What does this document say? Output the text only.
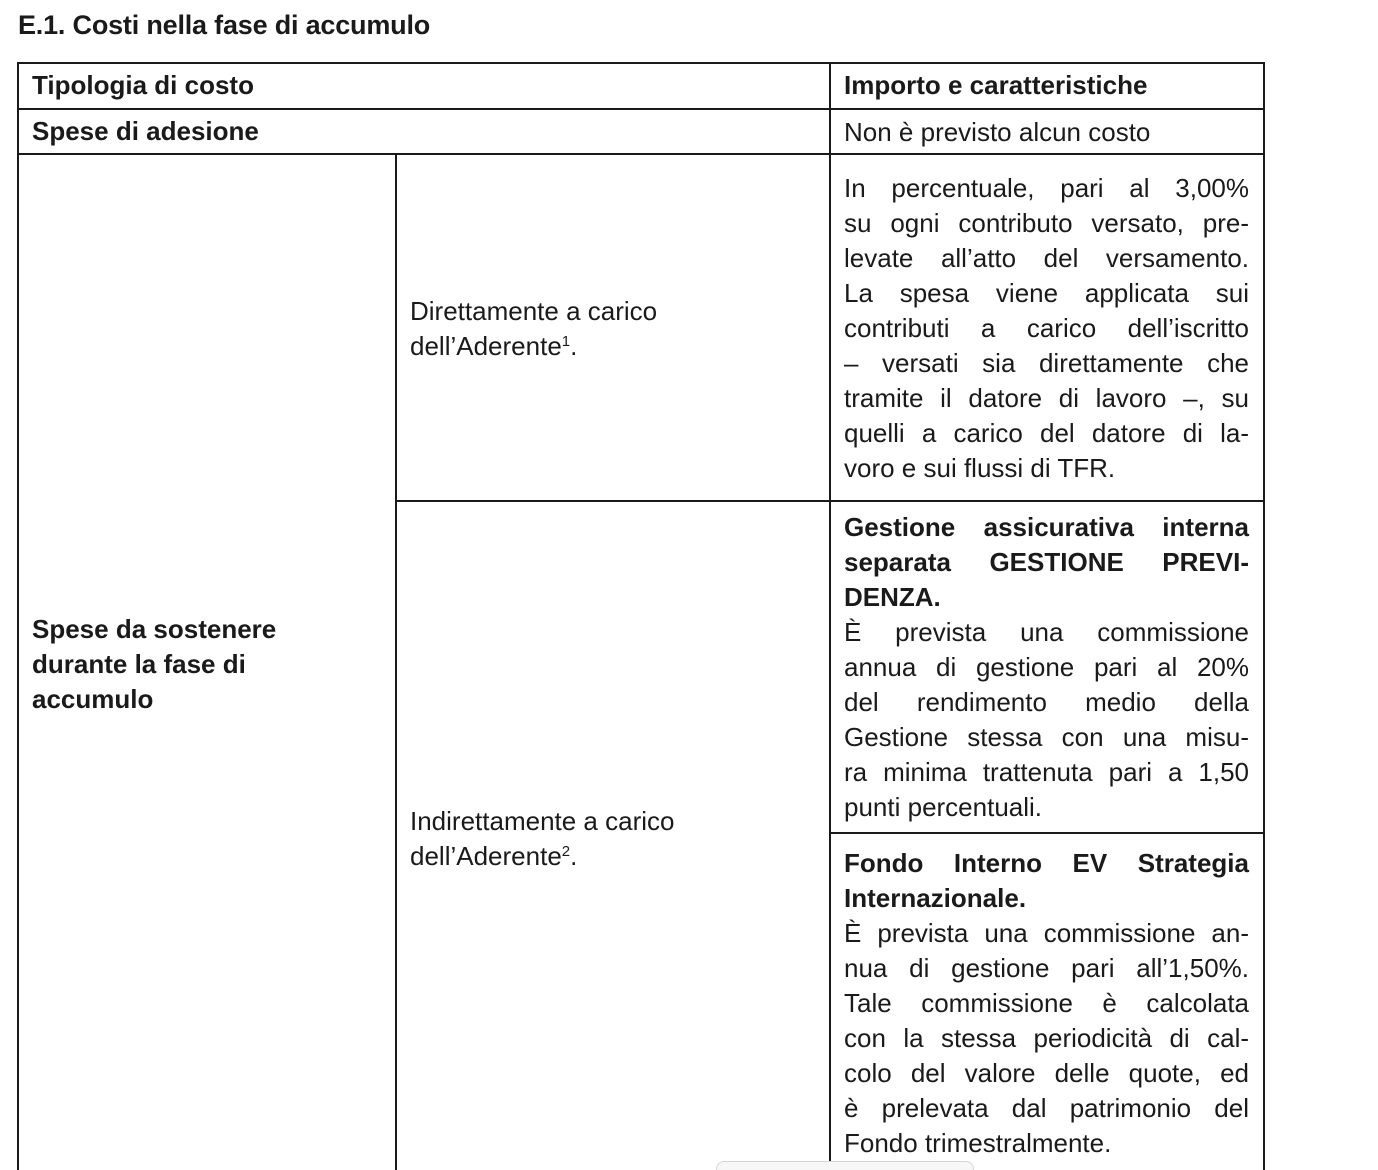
E.1. Costi nella fase di accumulo
Tipologia di costo	Importo e caratteristiche
Spese di adesione	Non è previsto alcun costo
Spese da sostenere
durante la fase di
accumulo
Direttamente a carico
dell’Aderente$^1$.
In percentuale, pari al 3,00%
su ogni contributo versato, pre-
levate all’atto del versamento.
La spesa viene applicata sui
contributi a carico dell’iscritto
– versati sia direttamente che
tramite il datore di lavoro –, su
quelli a carico del datore di la-
voro e sui flussi di TFR.
Indirettamente a carico
dell’Aderente$^2$.
Gestione assicurativa interna
separata GESTIONE PREVI-
DENZA.
È prevista una commissione
annua di gestione pari al 20%
del rendimento medio della
Gestione stessa con una misu-
ra minima trattenuta pari a 1,50
punti percentuali.
Fondo Interno EV Strategia
Internazionale.
È prevista una commissione an-
nua di gestione pari all’1,50%.
Tale commissione è calcolata
con la stessa periodicità di cal-
colo del valore delle quote, ed
è prelevata dal patrimonio del
Fondo trimestralmente.
